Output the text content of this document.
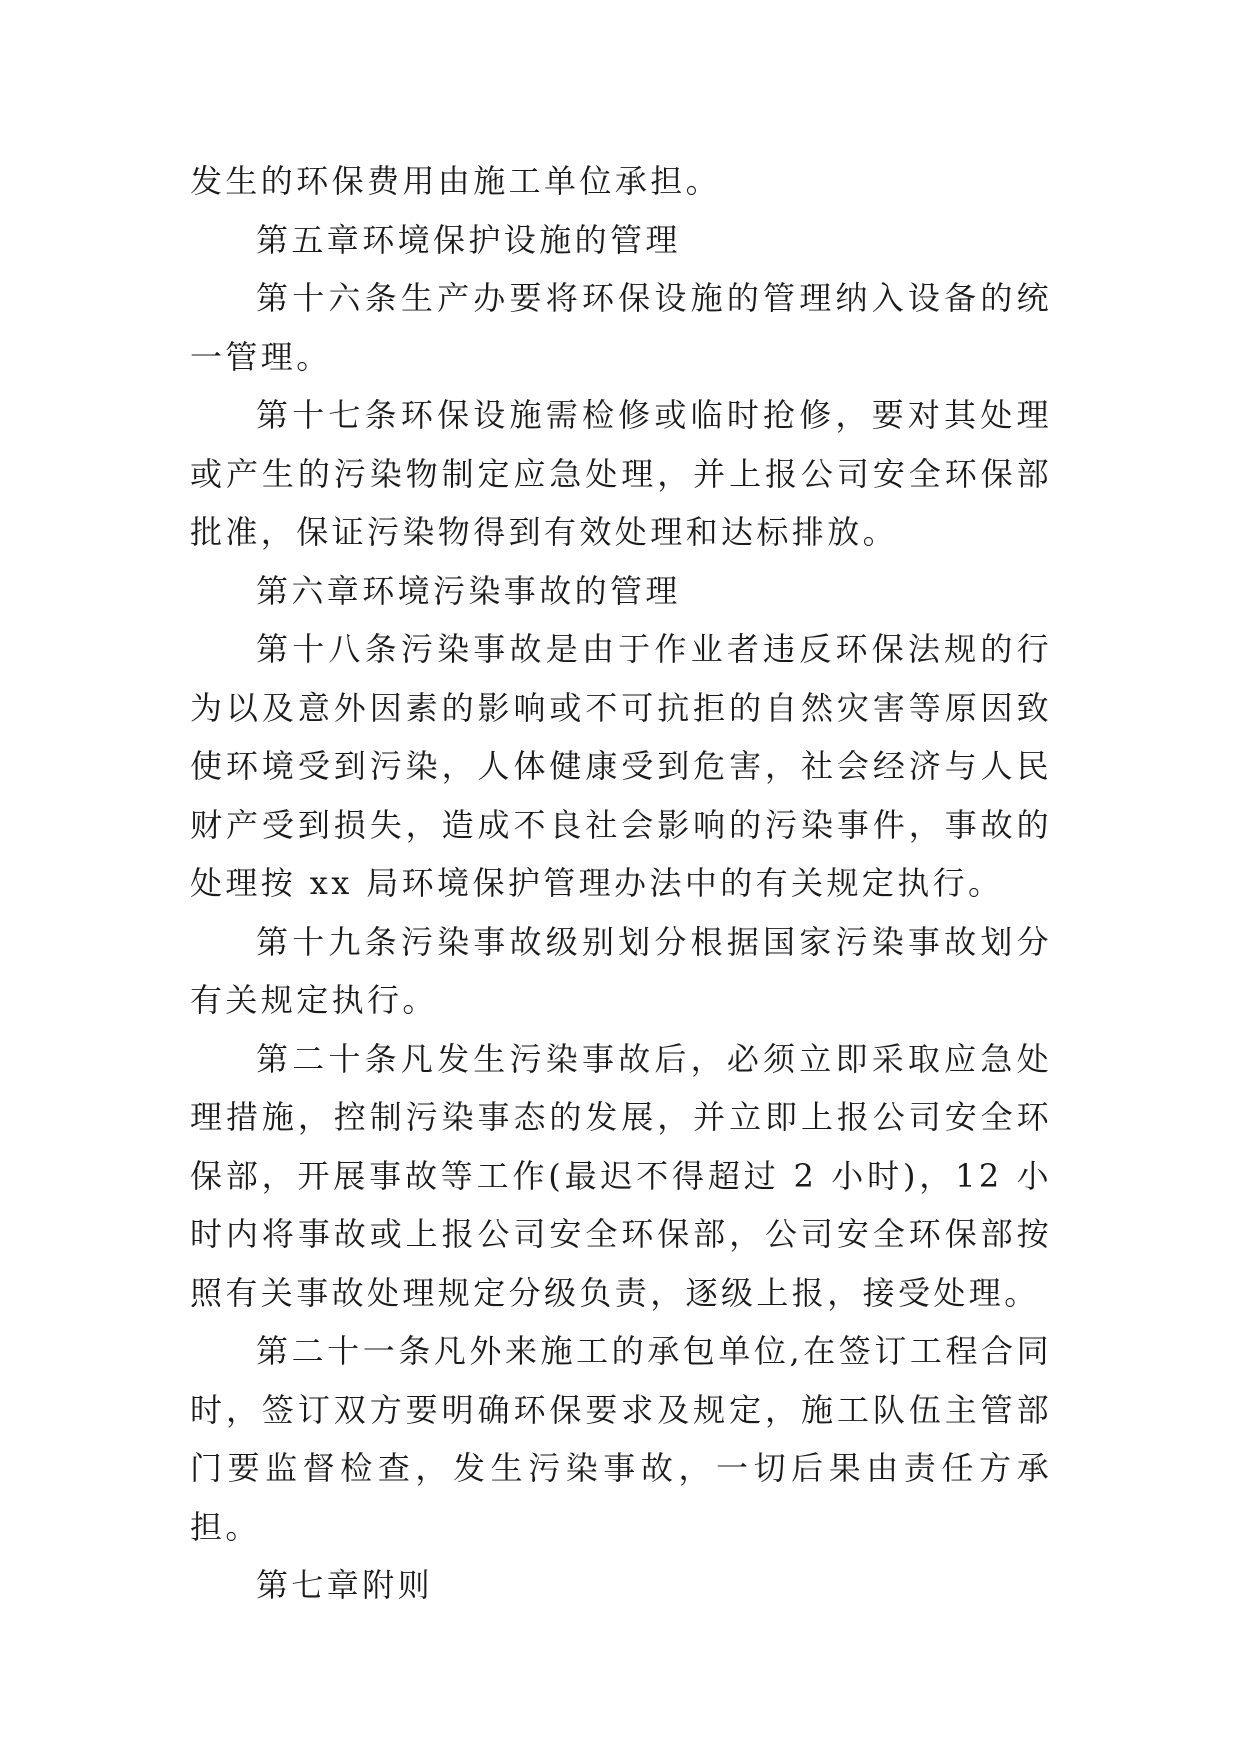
发生的环保费用由施工单位承担。

第五章环境保护设施的管理

第十六条生产办要将环保设施的管理纳入设备的统一管理。

第十七条环保设施需检修或临时抢修，要对其处理或产生的污染物制定应急处理，并上报公司安全环保部批准，保证污染物得到有效处理和达标排放。

第六章环境污染事故的管理

第十八条污染事故是由于作业者违反环保法规的行为以及意外因素的影响或不可抗拒的自然灾害等原因致使环境受到污染，人体健康受到危害，社会经济与人民财产受到损失，造成不良社会影响的污染事件，事故的处理按 xx 局环境保护管理办法中的有关规定执行。

第十九条污染事故级别划分根据国家污染事故划分有关规定执行。

第二十条凡发生污染事故后，必须立即采取应急处理措施，控制污染事态的发展，并立即上报公司安全环保部，开展事故等工作(最迟不得超过 2 小时)，12 小时内将事故或上报公司安全环保部，公司安全环保部按照有关事故处理规定分级负责，逐级上报，接受处理。

第二十一条凡外来施工的承包单位,在签订工程合同时，签订双方要明确环保要求及规定，施工队伍主管部门要监督检查，发生污染事故，一切后果由责任方承担。

第七章附则
